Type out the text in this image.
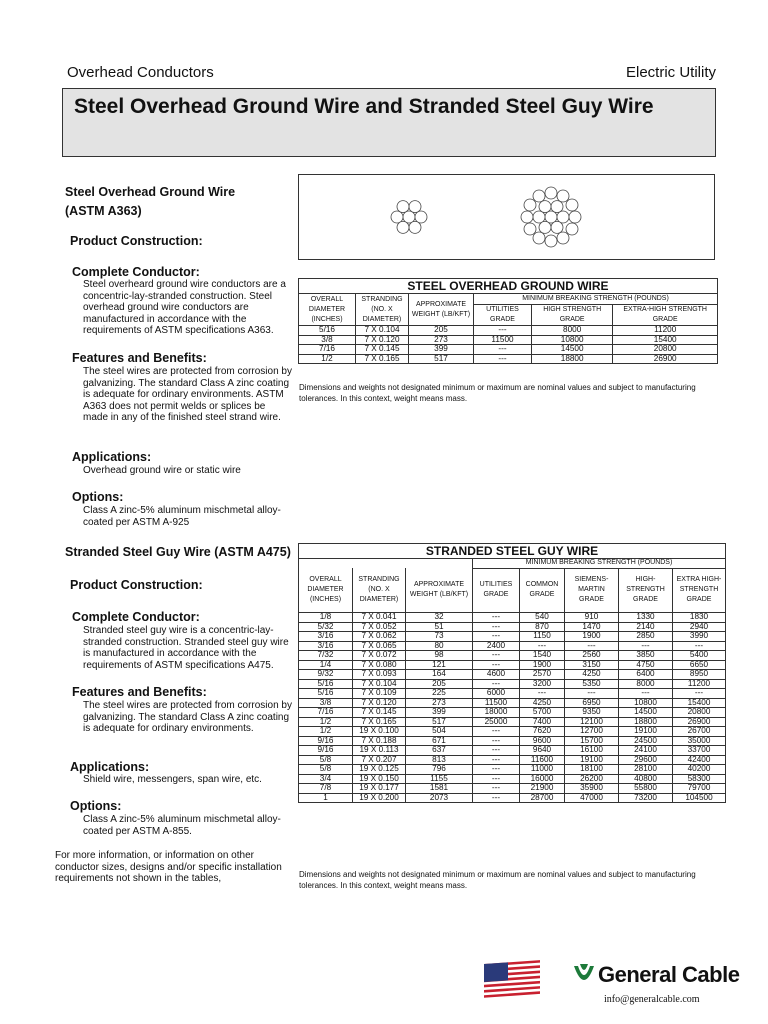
Overhead Conductors	Electric Utility
Steel Overhead Ground Wire and Stranded Steel Guy Wire
Steel Overhead Ground Wire
(ASTM A363)
Product Construction:
Complete Conductor:
Steel overheard ground wire conductors are a concentric-lay-stranded construction. Steel overhead ground wire conductors are manufactured in accordance with the requirements of ASTM specifications A363.
Features and Benefits:
The steel wires are protected from corrosion by galvanizing. The standard Class A zinc coating is adequate for ordinary environments. ASTM A363 does not permit welds or splices be made in any of the finished steel strand wire.
Applications:
Overhead ground wire or static wire
Options:
Class A zinc-5% aluminum mischmetal alloy-coated per ASTM A-925
STEEL OVERHEAD GROUND WIRE					
OVERALL DIAMETER (INCHES)	STRANDING (NO. X DIAMETER)	APPROXIMATE WEIGHT (LB/KFT)	MINIMUM BREAKING STRENGTH (POUNDS)		
			UTILITIES GRADE	HIGH STRENGTH GRADE	EXTRA-HIGH STRENGTH GRADE
5/16	7 X 0.104	205	---	8000	11200
3/8	7 X 0.120	273	11500	10800	15400
7/16	7 X 0.145	399	---	14500	20800
1/2	7 X 0.165	517	---	18800	26900
Dimensions and weights not designated minimum or maximum are nominal values and subject to manufacturing tolerances. In this context, weight means mass.
Stranded Steel Guy Wire (ASTM A475)
Product Construction:
Complete Conductor:
Stranded steel guy wire is a concentric-lay-stranded construction. Stranded steel guy wire is manufactured in accordance with the requirements of ASTM specifications A475.
Features and Benefits:
The steel wires are protected from corrosion by galvanizing. The standard Class A zinc coating is adequate for ordinary environments.
Applications:
Shield wire, messengers, span wire, etc.
Options:
Class A zinc-5% aluminum mischmetal alloy-coated per ASTM A-855.
For more information, or information on other conductor sizes, designs and/or specific installation requirements not shown in the tables,
STRANDED STEEL GUY WIRE							
			MINIMUM BREAKING STRENGTH (POUNDS)				
OVERALL DIAMETER (INCHES)	STRANDING (NO. X DIAMETER)	APPROXIMATE WEIGHT (LB/KFT)	UTILITIES GRADE	COMMON GRADE	SIEMENS-MARTIN GRADE	HIGH-STRENGTH GRADE	EXTRA HIGH-STRENGTH GRADE
1/8	7 X 0.041	32	---	540	910	1330	1830
5/32	7 X 0.052	51	---	870	1470	2140	2940
3/16	7 X 0.062	73	---	1150	1900	2850	3990
3/16	7 X 0.065	80	2400	---	---	---	---
7/32	7 X 0.072	98	---	1540	2560	3850	5400
1/4	7 X 0.080	121	---	1900	3150	4750	6650
9/32	7 X 0.093	164	4600	2570	4250	6400	8950
5/16	7 X 0.104	205	---	3200	5350	8000	11200
5/16	7 X 0.109	225	6000	---	---	---	---
3/8	7 X 0.120	273	11500	4250	6950	10800	15400
7/16	7 X 0.145	399	18000	5700	9350	14500	20800
1/2	7 X 0.165	517	25000	7400	12100	18800	26900
1/2	19 X 0.100	504	---	7620	12700	19100	26700
9/16	7 X 0.188	671	---	9600	15700	24500	35000
9/16	19 X 0.113	637	---	9640	16100	24100	33700
5/8	7 X 0.207	813	---	11600	19100	29600	42400
5/8	19 X 0.125	796	---	11000	18100	28100	40200
3/4	19 X 0.150	1155	---	16000	26200	40800	58300
7/8	19 X 0.177	1581	---	21900	35900	55800	79700
1	19 X 0.200	2073	---	28700	47000	73200	104500
Dimensions and weights not designated minimum or maximum are nominal values and subject to manufacturing tolerances. In this context, weight means mass.
General Cable
info@generalcable.com
